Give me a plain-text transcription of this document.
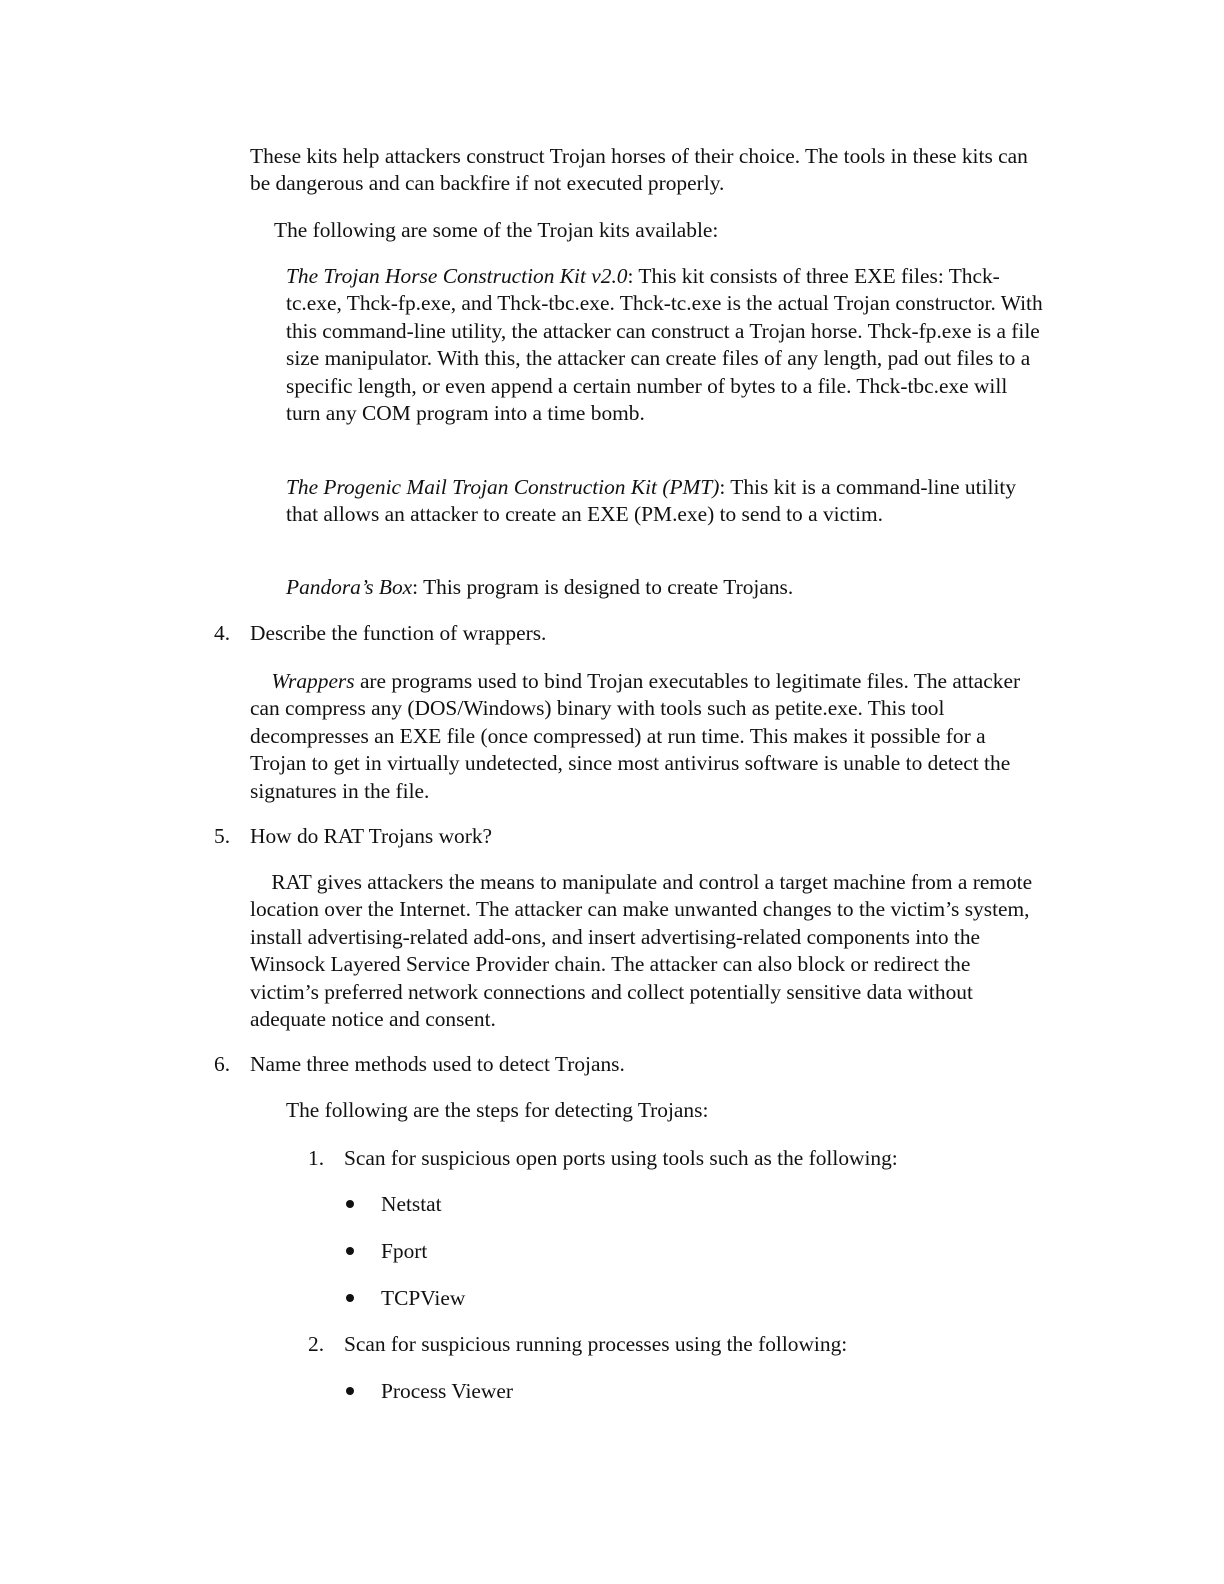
These kits help attackers construct Trojan horses of their choice. The tools in these kits can be dangerous and can backfire if not executed properly.

The following are some of the Trojan kits available:

The Trojan Horse Construction Kit v2.0: This kit consists of three EXE files: Thck-tc.exe, Thck-fp.exe, and Thck-tbc.exe. Thck-tc.exe is the actual Trojan constructor. With this command-line utility, the attacker can construct a Trojan horse. Thck-fp.exe is a file size manipulator. With this, the attacker can create files of any length, pad out files to a specific length, or even append a certain number of bytes to a file. Thck-tbc.exe will turn any COM program into a time bomb.

The Progenic Mail Trojan Construction Kit (PMT): This kit is a command-line utility that allows an attacker to create an EXE (PM.exe) to send to a victim.

Pandora’s Box: This program is designed to create Trojans.

4. Describe the function of wrappers.

 Wrappers are programs used to bind Trojan executables to legitimate files. The attacker can compress any (DOS/Windows) binary with tools such as petite.exe. This tool decompresses an EXE file (once compressed) at run time. This makes it possible for a Trojan to get in virtually undetected, since most antivirus software is unable to detect the signatures in the file.

5. How do RAT Trojans work?

 RAT gives attackers the means to manipulate and control a target machine from a remote location over the Internet. The attacker can make unwanted changes to the victim’s system, install advertising-related add-ons, and insert advertising-related components into the Winsock Layered Service Provider chain. The attacker can also block or redirect the victim’s preferred network connections and collect potentially sensitive data without adequate notice and consent.

6. Name three methods used to detect Trojans.

The following are the steps for detecting Trojans:

1. Scan for suspicious open ports using tools such as the following:
Netstat
Fport
TCPView
2. Scan for suspicious running processes using the following:
Process Viewer
